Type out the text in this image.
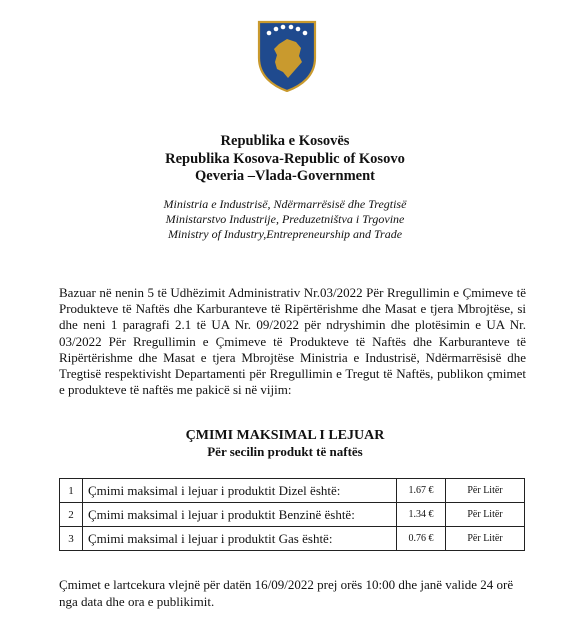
Republika e Kosovës
Republika Kosova-Republic of Kosovo
Qeveria –Vlada-Government
Ministria e Industrisë, Ndërmarrësisë dhe Tregtisë
Ministarstvo Industrije, Preduzetništva i Trgovine
Ministry of Industry,Entrepreneurship and Trade

Bazuar në nenin 5 të Udhëzimit Administrativ Nr.03/2022 Për Rregullimin e Çmimeve të Produkteve të Naftës dhe Karburanteve të Ripërtërishme dhe Masat e tjera Mbrojtëse, si dhe neni 1 paragrafi 2.1 të UA Nr. 09/2022 për ndryshimin dhe plotësimin e UA Nr. 03/2022 Për Rregullimin e Çmimeve të Produkteve të Naftës dhe Karburanteve të Ripërtërishme dhe Masat e tjera Mbrojtëse Ministria e Industrisë, Ndërmarrësisë dhe Tregtisë respektivisht Departamenti për Rregullimin e Tregut të Naftës, publikon çmimet e produkteve të naftës me pakicë si në vijim:

ÇMIMI MAKSIMAL I LEJUAR
Për secilin produkt të naftës
1	Çmimi maksimal i lejuar i produktit Dizel është:	1.67 €	Për Litër
2	Çmimi maksimal i lejuar i produktit Benzinë është:	1.34 €	Për Litër
3	Çmimi maksimal i lejuar i produktit Gas është:	0.76 €	Për Litër

Çmimet e lartcekura vlejnë për datën 16/09/2022 prej orës 10:00 dhe janë valide 24 orë nga data dhe ora e publikimit.
